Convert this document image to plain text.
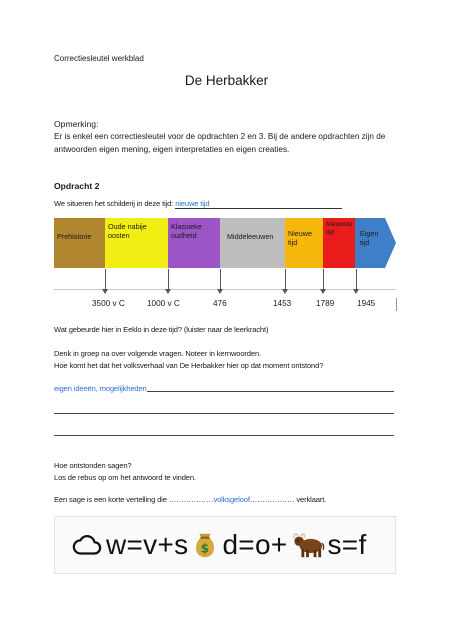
Correctiesleutel werkblad
De Herbakker
Opmerking:
Er is enkel een correctiesleutel voor de opdrachten 2 en 3. Bij de andere opdrachten zijn de
antwoorden eigen mening, eigen interpretaties en eigen creaties.
Opdracht 2
We situeren het schilderij in deze tijd: nieuwe tijd
Prehistorie
Oude nabije oosten
Klassieke oudheid	Middeleeuwen	Nieuwe tijd
Nieuwste tijd	Eigen tijd
3500 v C	1000 v C	476	1453	1789	1945
Wat gebeurde hier in Eeklo in deze tijd? (luister naar de leerkracht)
Denk in groep na over volgende vragen. Noteer in kernwoorden.
Hoe komt het dat het volksverhaal van De Herbakker hier op dat moment ontstond?
eigen ideeën, mogelijkheden
Hoe ontstonden sagen?
Los de rebus op om het antwoord te vinden.
Een sage is een korte vertelling die ………………volksgeloof……………… verklaart.
w=v+s $ d=o+ s=f
